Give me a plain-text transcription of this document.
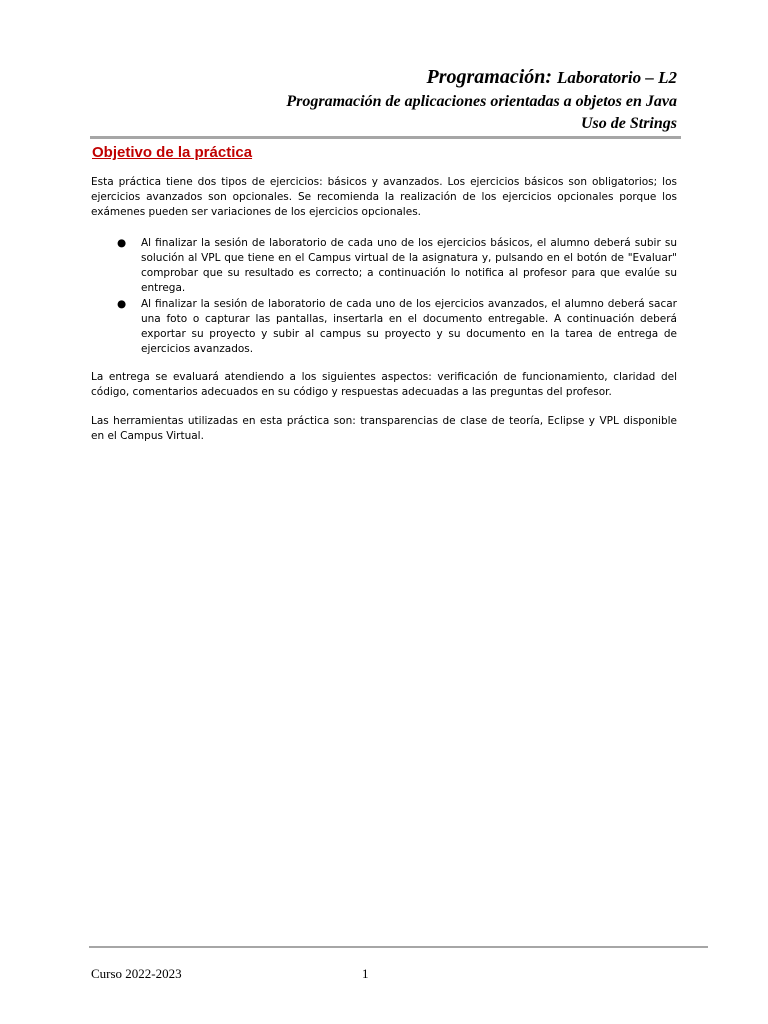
Programación: Laboratorio – L2
Programación de aplicaciones orientadas a objetos en Java
Uso de Strings
Objetivo de la práctica
Esta práctica tiene dos tipos de ejercicios: básicos y avanzados. Los ejercicios básicos son obligatorios; los ejercicios avanzados son opcionales. Se recomienda la realización de los ejercicios opcionales porque los exámenes pueden ser variaciones de los ejercicios opcionales.
● Al finalizar la sesión de laboratorio de cada uno de los ejercicios básicos, el alumno deberá subir su solución al VPL que tiene en el Campus virtual de la asignatura y, pulsando en el botón de "Evaluar" comprobar que su resultado es correcto; a continuación lo notifica al profesor para que evalúe su entrega.
● Al finalizar la sesión de laboratorio de cada uno de los ejercicios avanzados, el alumno deberá sacar una foto o capturar las pantallas, insertarla en el documento entregable. A continuación deberá exportar su proyecto y subir al campus su proyecto y su documento en la tarea de entrega de ejercicios avanzados.
La entrega se evaluará atendiendo a los siguientes aspectos: verificación de funcionamiento, claridad del código, comentarios adecuados en su código y respuestas adecuadas a las preguntas del profesor.
Las herramientas utilizadas en esta práctica son: transparencias de clase de teoría, Eclipse y VPL disponible en el Campus Virtual.
Curso 2022-2023	1
